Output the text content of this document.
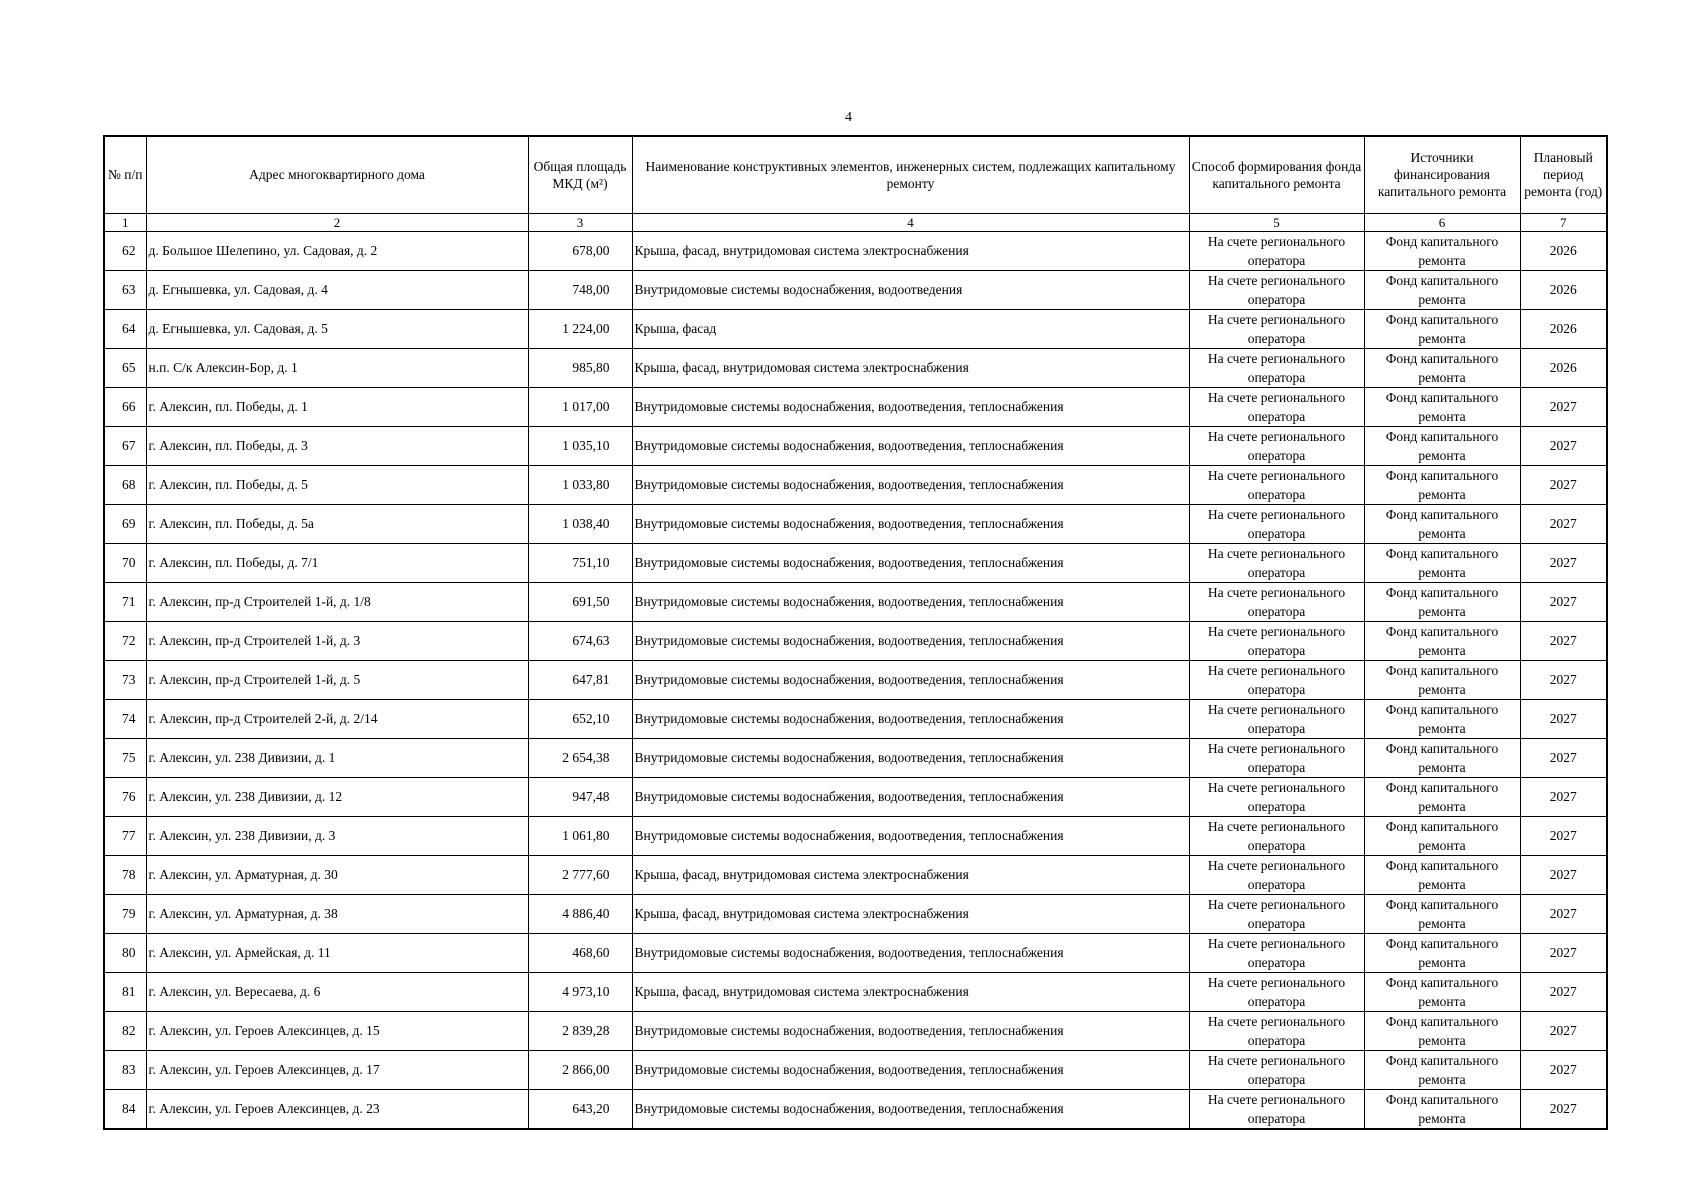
4
№ п/п	Адрес многоквартирного дома	Общая площадь МКД (м²)	Наименование конструктивных элементов, инженерных систем, подлежащих капитальному ремонту	Способ формирования фонда капитального ремонта	Источники финансирования капитального ремонта	Плановый период ремонта (год)
1	2	3	4	5	6	7
62	д. Большое Шелепино, ул. Садовая, д. 2	678,00	Крыша, фасад, внутридомовая система электроснабжения	На счете регионального оператора	Фонд капитального ремонта	2026
63	д. Егнышевка, ул. Садовая, д. 4	748,00	Внутридомовые системы водоснабжения, водоотведения	На счете регионального оператора	Фонд капитального ремонта	2026
64	д. Егнышевка, ул. Садовая, д. 5	1 224,00	Крыша, фасад	На счете регионального оператора	Фонд капитального ремонта	2026
65	н.п. С/к Алексин-Бор, д. 1	985,80	Крыша, фасад, внутридомовая система электроснабжения	На счете регионального оператора	Фонд капитального ремонта	2026
66	г. Алексин, пл. Победы, д. 1	1 017,00	Внутридомовые системы водоснабжения, водоотведения, теплоснабжения	На счете регионального оператора	Фонд капитального ремонта	2027
67	г. Алексин, пл. Победы, д. 3	1 035,10	Внутридомовые системы водоснабжения, водоотведения, теплоснабжения	На счете регионального оператора	Фонд капитального ремонта	2027
68	г. Алексин, пл. Победы, д. 5	1 033,80	Внутридомовые системы водоснабжения, водоотведения, теплоснабжения	На счете регионального оператора	Фонд капитального ремонта	2027
69	г. Алексин, пл. Победы, д. 5а	1 038,40	Внутридомовые системы водоснабжения, водоотведения, теплоснабжения	На счете регионального оператора	Фонд капитального ремонта	2027
70	г. Алексин, пл. Победы, д. 7/1	751,10	Внутридомовые системы водоснабжения, водоотведения, теплоснабжения	На счете регионального оператора	Фонд капитального ремонта	2027
71	г. Алексин, пр-д Строителей 1-й, д. 1/8	691,50	Внутридомовые системы водоснабжения, водоотведения, теплоснабжения	На счете регионального оператора	Фонд капитального ремонта	2027
72	г. Алексин, пр-д Строителей 1-й, д. 3	674,63	Внутридомовые системы водоснабжения, водоотведения, теплоснабжения	На счете регионального оператора	Фонд капитального ремонта	2027
73	г. Алексин, пр-д Строителей 1-й, д. 5	647,81	Внутридомовые системы водоснабжения, водоотведения, теплоснабжения	На счете регионального оператора	Фонд капитального ремонта	2027
74	г. Алексин, пр-д Строителей 2-й, д. 2/14	652,10	Внутридомовые системы водоснабжения, водоотведения, теплоснабжения	На счете регионального оператора	Фонд капитального ремонта	2027
75	г. Алексин, ул. 238 Дивизии, д. 1	2 654,38	Внутридомовые системы водоснабжения, водоотведения, теплоснабжения	На счете регионального оператора	Фонд капитального ремонта	2027
76	г. Алексин, ул. 238 Дивизии, д. 12	947,48	Внутридомовые системы водоснабжения, водоотведения, теплоснабжения	На счете регионального оператора	Фонд капитального ремонта	2027
77	г. Алексин, ул. 238 Дивизии, д. 3	1 061,80	Внутридомовые системы водоснабжения, водоотведения, теплоснабжения	На счете регионального оператора	Фонд капитального ремонта	2027
78	г. Алексин, ул. Арматурная, д. 30	2 777,60	Крыша, фасад, внутридомовая система электроснабжения	На счете регионального оператора	Фонд капитального ремонта	2027
79	г. Алексин, ул. Арматурная, д. 38	4 886,40	Крыша, фасад, внутридомовая система электроснабжения	На счете регионального оператора	Фонд капитального ремонта	2027
80	г. Алексин, ул. Армейская, д. 11	468,60	Внутридомовые системы водоснабжения, водоотведения, теплоснабжения	На счете регионального оператора	Фонд капитального ремонта	2027
81	г. Алексин, ул. Вересаева, д. 6	4 973,10	Крыша, фасад, внутридомовая система электроснабжения	На счете регионального оператора	Фонд капитального ремонта	2027
82	г. Алексин, ул. Героев Алексинцев, д. 15	2 839,28	Внутридомовые системы водоснабжения, водоотведения, теплоснабжения	На счете регионального оператора	Фонд капитального ремонта	2027
83	г. Алексин, ул. Героев Алексинцев, д. 17	2 866,00	Внутридомовые системы водоснабжения, водоотведения, теплоснабжения	На счете регионального оператора	Фонд капитального ремонта	2027
84	г. Алексин, ул. Героев Алексинцев, д. 23	643,20	Внутридомовые системы водоснабжения, водоотведения, теплоснабжения	На счете регионального оператора	Фонд капитального ремонта	2027
